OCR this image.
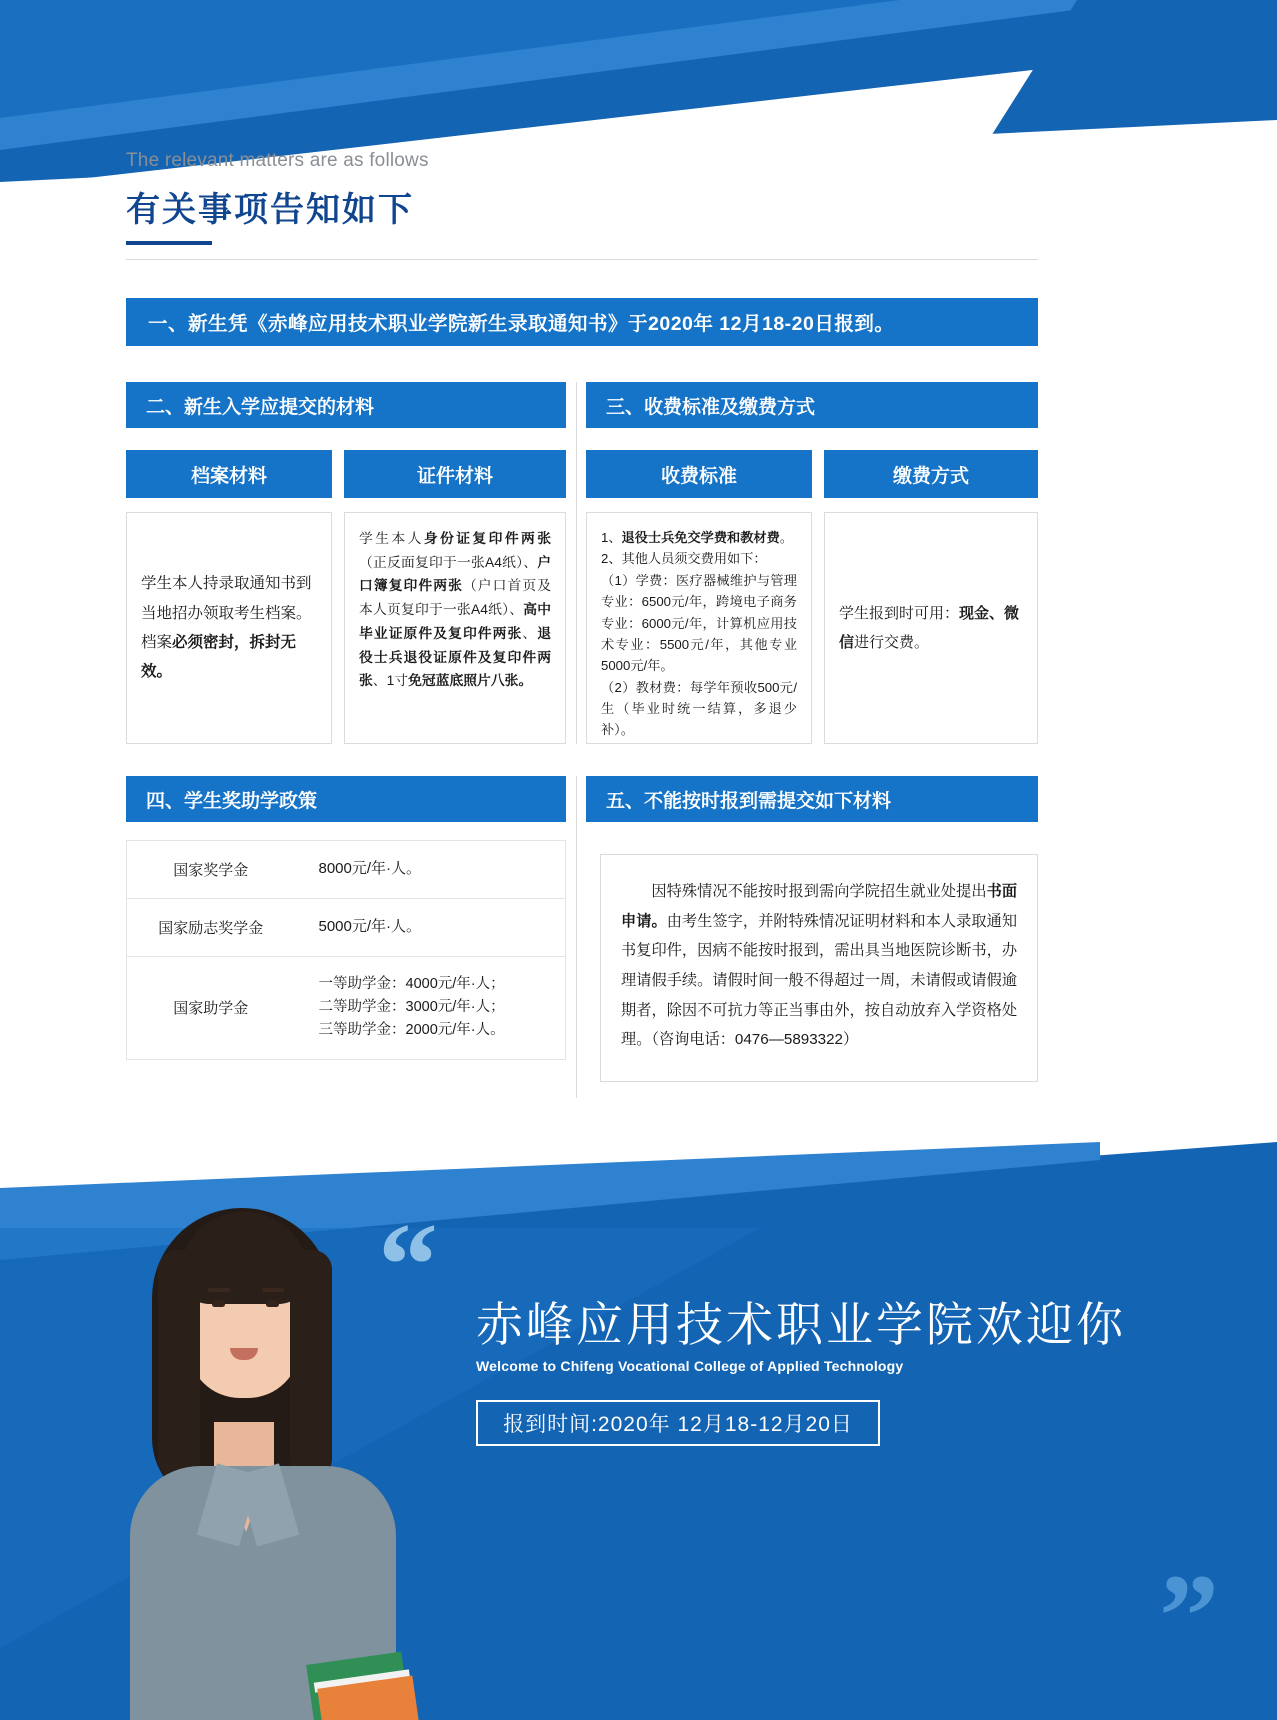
The relevant matters are as follows
有关事项告知如下
一、新生凭《赤峰应用技术职业学院新生录取通知书》于2020年 12月18-20日报到。
二、新生入学应提交的材料	三、收费标准及缴费方式
档案材料	证件材料	收费标准	缴费方式
学生本人持录取通知书到当地招办领取考生档案。档案必须密封，拆封无效。
学生本人身份证复印件两张（正反面复印于一张A4纸）、户口簿复印件两张（户口首页及本人页复印于一张A4纸）、高中毕业证原件及复印件两张、退役士兵退役证原件及复印件两张、1寸免冠蓝底照片八张。
1、退役士兵免交学费和教材费。
2、其他人员须交费用如下：
（1）学费：医疗器械维护与管理专业：6500元/年，跨境电子商务专业：6000元/年，计算机应用技术专业：5500元/年，其他专业5000元/年。
（2）教材费：每学年预收500元/生（毕业时统一结算，多退少补）。
学生报到时可用：现金、微信进行交费。
四、学生奖助学政策	五、不能按时报到需提交如下材料
国家奖学金	8000元/年·人。
国家励志奖学金	5000元/年·人。
国家助学金	一等助学金：4000元/年·人；
二等助学金：3000元/年·人；
三等助学金：2000元/年·人。
因特殊情况不能按时报到需向学院招生就业处提出书面申请。由考生签字，并附特殊情况证明材料和本人录取通知书复印件，因病不能按时报到，需出具当地医院诊断书，办理请假手续。请假时间一般不得超过一周，未请假或请假逾期者，除因不可抗力等正当事由外，按自动放弃入学资格处理。（咨询电话：0476—5893322）
“
”
赤峰应用技术职业学院欢迎你
Welcome to Chifeng Vocational College of Applied Technology
报到时间:2020年 12月18-12月20日
